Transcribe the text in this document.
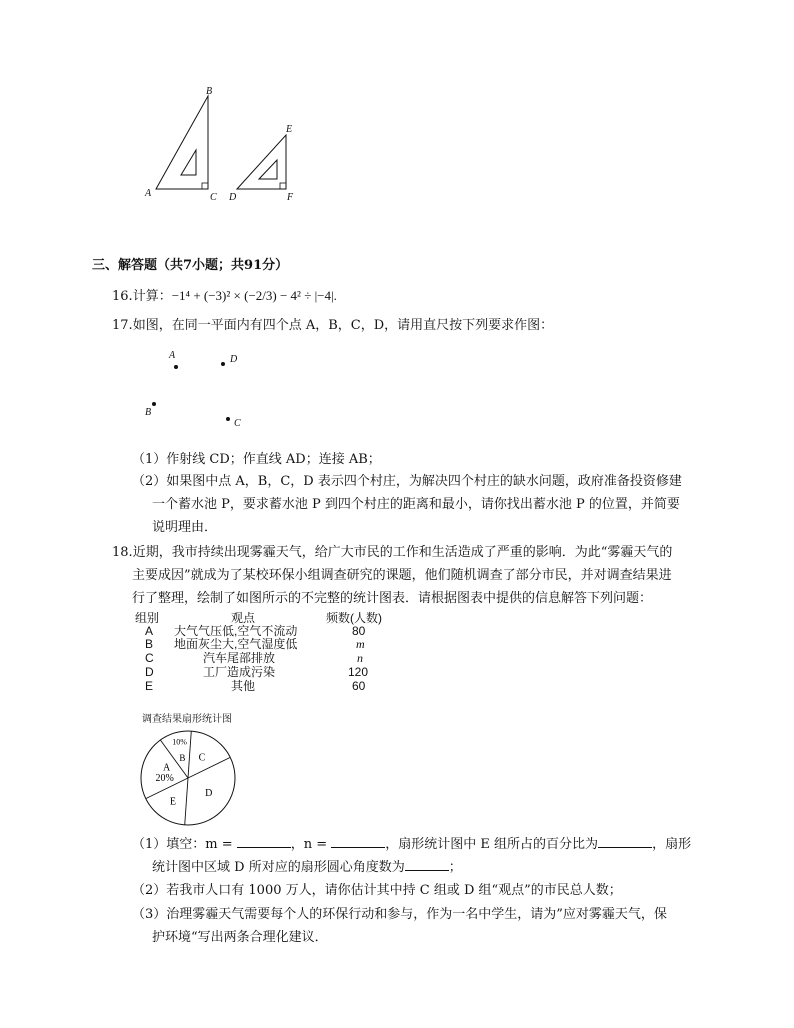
B
A	C
E
D	F
三、解答题（共7小题；共91分）
16.计算：−1⁴ + (−3)² × (−2/3) − 4² ÷ |−4|.
17.如图，在同一平面内有四个点 A，B，C，D，请用直尺按下列要求作图：
A	D
B
C
（1）作射线 CD；作直线 AD；连接 AB；
（2）如果图中点 A，B，C，D 表示四个村庄，为解决四个村庄的缺水问题，政府准备投资修建
一个蓄水池 P，要求蓄水池 P 到四个村庄的距离和最小，请你找出蓄水池 P 的位置，并简要
说明理由．
18.近期，我市持续出现雾霾天气，给广大市民的工作和生活造成了严重的影响．为此“雾霾天气的
主要成因”就成为了某校环保小组调查研究的课题，他们随机调查了部分市民，并对调查结果进
行了整理，绘制了如图所示的不完整的统计图表．请根据图表中提供的信息解答下列问题：
组别	观点	频数(人数)
A 大气气压低,空气不流动	80
B 地面灰尘大,空气湿度低	m
C	汽车尾部排放	n
D	工厂造成污染	120
E	其他	60
调查结果扇形统计图
A
20%
10%
B C
D
E
（1）填空：m =	，n =	，扇形统计图中 E 组所占的百分比为	，扇形
统计图中区域 D 所对应的扇形圆心角度数为	；
（2）若我市人口有 1000 万人，请你估计其中持 C 组或 D 组“观点”的市民总人数；
（3）治理雾霾天气需要每个人的环保行动和参与，作为一名中学生，请为”应对雾霾天气，保
护环境“写出两条合理化建议．
